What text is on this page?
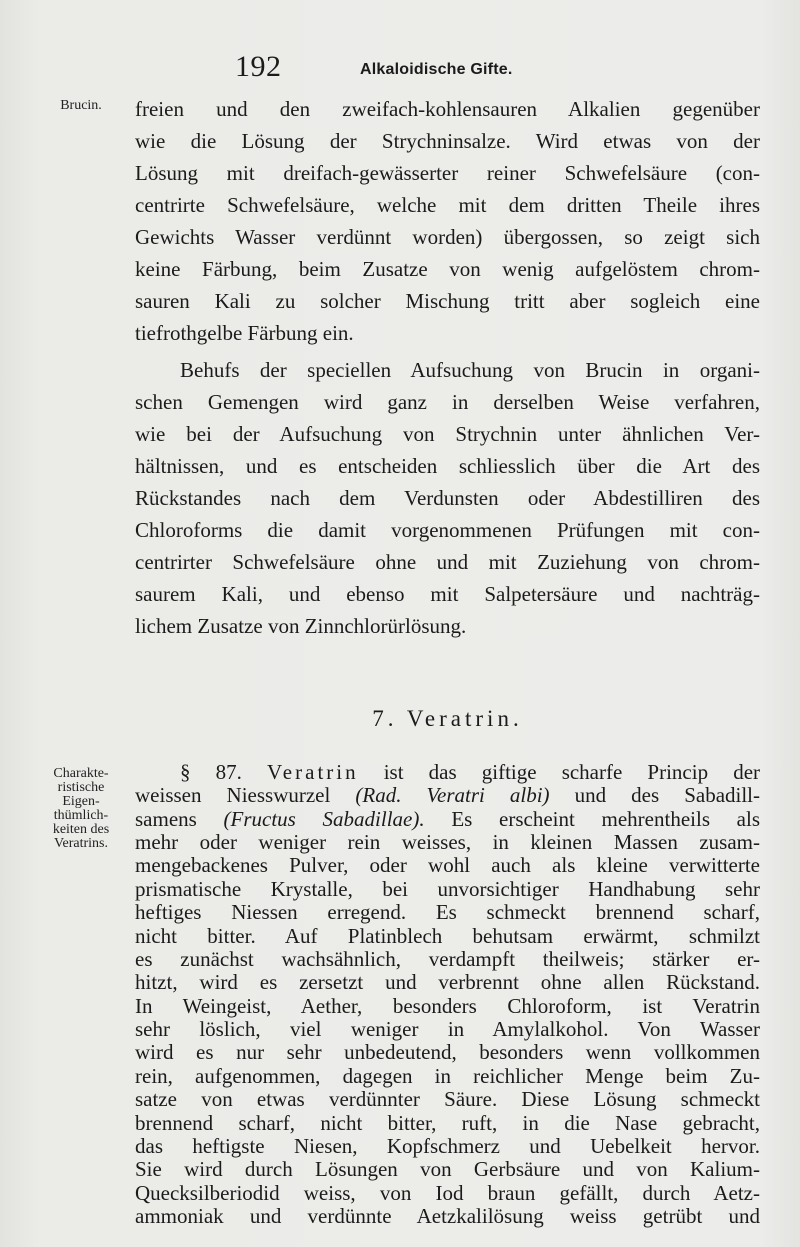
192	Alkaloidische Gifte.
Brucin.	freien und den zweifach-kohlensauren Alkalien gegenüber
wie die Lösung der Strychninsalze. Wird etwas von der
Lösung mit dreifach-gewässerter reiner Schwefelsäure (con-
centrirte Schwefelsäure, welche mit dem dritten Theile ihres
Gewichts Wasser verdünnt worden) übergossen, so zeigt sich
keine Färbung, beim Zusatze von wenig aufgelöstem chrom-
sauren Kali zu solcher Mischung tritt aber sogleich eine
tiefrothgelbe Färbung ein.
Behufs der speciellen Aufsuchung von Brucin in organi-
schen Gemengen wird ganz in derselben Weise verfahren,
wie bei der Aufsuchung von Strychnin unter ähnlichen Ver-
hältnissen, und es entscheiden schliesslich über die Art des
Rückstandes nach dem Verdunsten oder Abdestilliren des
Chloroforms die damit vorgenommenen Prüfungen mit con-
centrirter Schwefelsäure ohne und mit Zuziehung von chrom-
saurem Kali, und ebenso mit Salpetersäure und nachträg-
lichem Zusatze von Zinnchlorürlösung.
7. Veratrin.
Charakte-
ristische
Eigen-
thümlich-
keiten des
Veratrins.
§ 87. Veratrin ist das giftige scharfe Princip der
weissen Niesswurzel (Rad. Veratri albi) und des Sabadill-
samens (Fructus Sabadillae). Es erscheint mehrentheils als
mehr oder weniger rein weisses, in kleinen Massen zusam-
mengebackenes Pulver, oder wohl auch als kleine verwitterte
prismatische Krystalle, bei unvorsichtiger Handhabung sehr
heftiges Niessen erregend. Es schmeckt brennend scharf,
nicht bitter. Auf Platinblech behutsam erwärmt, schmilzt
es zunächst wachsähnlich, verdampft theilweis; stärker er-
hitzt, wird es zersetzt und verbrennt ohne allen Rückstand.
In Weingeist, Aether, besonders Chloroform, ist Veratrin
sehr löslich, viel weniger in Amylalkohol. Von Wasser
wird es nur sehr unbedeutend, besonders wenn vollkommen
rein, aufgenommen, dagegen in reichlicher Menge beim Zu-
satze von etwas verdünnter Säure. Diese Lösung schmeckt
brennend scharf, nicht bitter, ruft, in die Nase gebracht,
das heftigste Niesen, Kopfschmerz und Uebelkeit hervor.
Sie wird durch Lösungen von Gerbsäure und von Kalium-
Quecksilberiodid weiss, von Iod braun gefällt, durch Aetz-
ammoniak und verdünnte Aetzkalilösung weiss getrübt und
